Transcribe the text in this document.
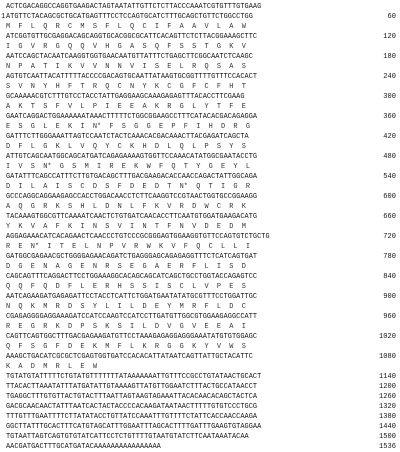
ACTCGACAGGCCAGGTGAAGACTAGTAATATTGTTCTCTTACCCAAATCGTGTTTGTGAAG
1 ATGTTCTACAGCGCTGCATGAGTTTCCTCCAGTGCATCTTTGCAGCTGTTCTGGCCTGG	60
M  F  L  Q  R  C  M  S  F  L  Q  C  I  F  A  A  V  L  A  W
ATCGGTGTTGCGAGGACAGCAGGTGCACGGCGCATTCACAGTTCTCTTACGGAAAGCTTC	120
I  G  V  R  G  Q  Q  V  H  G  A  S  Q  F  S  S  T  G  K  V
AATCCAGCTACAATCAAGGTGGTGAACAATGTTATTTCTGAGCTTCGGCAATCTCAAGC	180
N  P  A  T  I  K  V  V  N  N  V  I  S  E  L  R  Q  S  A  S
AGTGTCAATTACATTTTTACCCCGACAGTGCAATTATAAGTGCGGTTTTGTTTCCACACT	240
S  V  N  Y  H  F  T  R  Q  C  N  Y  K  C  G  F  C  F  H  T
GCAAAAACGTCTTTGTCCTACCTATTGAGGAAGCAAAGAGAGTTTACACCTTCGAAG	300
A  K  T  S  F  V  L  P  I  E  E  A  K  R  G  L  Y  T  F  E
GAATCAGGACTGGAAAAAATAAACTTTTTCTGGCGGAAGCCTTTCATACACGACAGAGGA	360
E  S  G  L  E  K  I  N*  F  S  G  G  E  P  F  I  H  D  R  G
GATTTCTTGGGAAATTAGTCCAATCTACTCAAACACGACAAACTTACGAGATCAGCTA	420
D  F  L  G  K  L  V  Q  Y  C  K  H  D  L  Q  L  P  S  Y  S
ATTGTCAGCAATGGCAGCATGATCAGAGAAAAGTGGTTCCAAACATATGGCGAATACCTG	480
I  V  S  N*  G  S  M  I  R  E  K  W  F  Q  T  Y  G  E  Y  L
GATATTTCAGCCATTTCTTGTGACAGCTTTGACGAAGACACCAACCAGACTATTGGCAGA	540
D  I  L  A  I  S  C  D  S  F  D  E  D  T  N*  Q  T  I  G  R
GCCCAGGCAGGAAGAGCCACCTGGACAACCTCTTCAAGGTCCGTAACTGGTGCCGGAAGG	600
A  Q  G  R  K  S  H  L  D  N  L  F  K  V  R  D  W  C  R  K
TACAAAGTGGCGTTCAAAATCAACTCTGTGATCAACACCTTCAATGTGGATGAAGACATG	660
Y  K  V  A  F  K  I  N  S  V  I  N  T  F  N  V  D  E  D  M
AGGAGAAACATCACAGAACTCAACCCTGTCCCGCGGGAGTGGAAGGTGTTCCAGTGTCTGCTG	720
R  E  N*  I  T  E  L  N  P  V  R  W  K  V  F  Q  C  L  L  I
GATGGCGAGAACGCTGGGGAGAACAGATCTGAGGGAGCAGAGAGGTTTCTCATCAGTGAT	780
D  G  E  N  A  G  E  N  R  S  E  G  A  E  R  F  L  I  S  D
CAGCAGTTTCAGGACTTCCTGGAAAGGCACAGCAGCATCAGCTGCCTGGTACCAGAGTCC	840
Q  Q  F  Q  D  F  L  E  R  H  S  S  I  S  C  L  V  P  E  S
AATCAGAAGATGAGAGATTCCTACCTCATTCTGGATGAATATATGCGTTTCCTGGATTGC	900
N  Q  K  M  R  D  S  Y  L  I  L  D  E  Y  M  R  F  L  D  C
CGAGAGGGGAGGAAAGATCCATCCAAGTCCATCCTTGATGTTGGCGTGGAAGAGGCCATT	960
R  E  G  R  K  D  P  S  K  S  I  L  D  V  G  V  E  E  A  I
CAGTTCAGTGGCTTTGACGAGAAGATGTTCCTAAAGAGAGGAGGGAAATATGTGTGGAGC	1020
Q  F  S  G  F  D  E  K  M  F  L  K  R  G  G  K  Y  V  W  S
AAAGCTGACATCGCGCTCGAGTGGTGATCCACACATTATAATCAGTTATTGCTACATTC	1080
K  A  D  M  R  L  E  W
TGTATGTATTTTTCTGTATGTTTTTTTATAAAAAAATTGTTTCCGCCTGTATAACTGCACT	1140
TTACACTTAAATATTTATGATATTGTAAAAGTTATGTTGGAATCTTTACTGCCATAACCT	1200
TGAGGCTTTGTGTTACTGTACTTTAATTAGTAAGTAGAAATTACACAACACAGCTACTCA	1260
GACGCAACAACTATTTAATCACTACTACCCCACAAGATAATAACTTTTTGTGTCCCTGCG	1320
TTTGTTTGAATTTTCTTATATACCTGTTATCCAAATTTGTTTTCTATTCACCAACCAAGA	1380
GGCTTATTTGCACTTTCATGTAGCATTTGGAATTTAGCACTTTTGATTTGAAGTGTAGGAA	1440
TGTAATTAGTCAGTGTGTATCATTCCTCTGTTTTGTAATGTATCTTCAATAAATACAA	1500
AACGATGACTTTGCATGATACAAAAAAAAAAAAAAAA	1536
